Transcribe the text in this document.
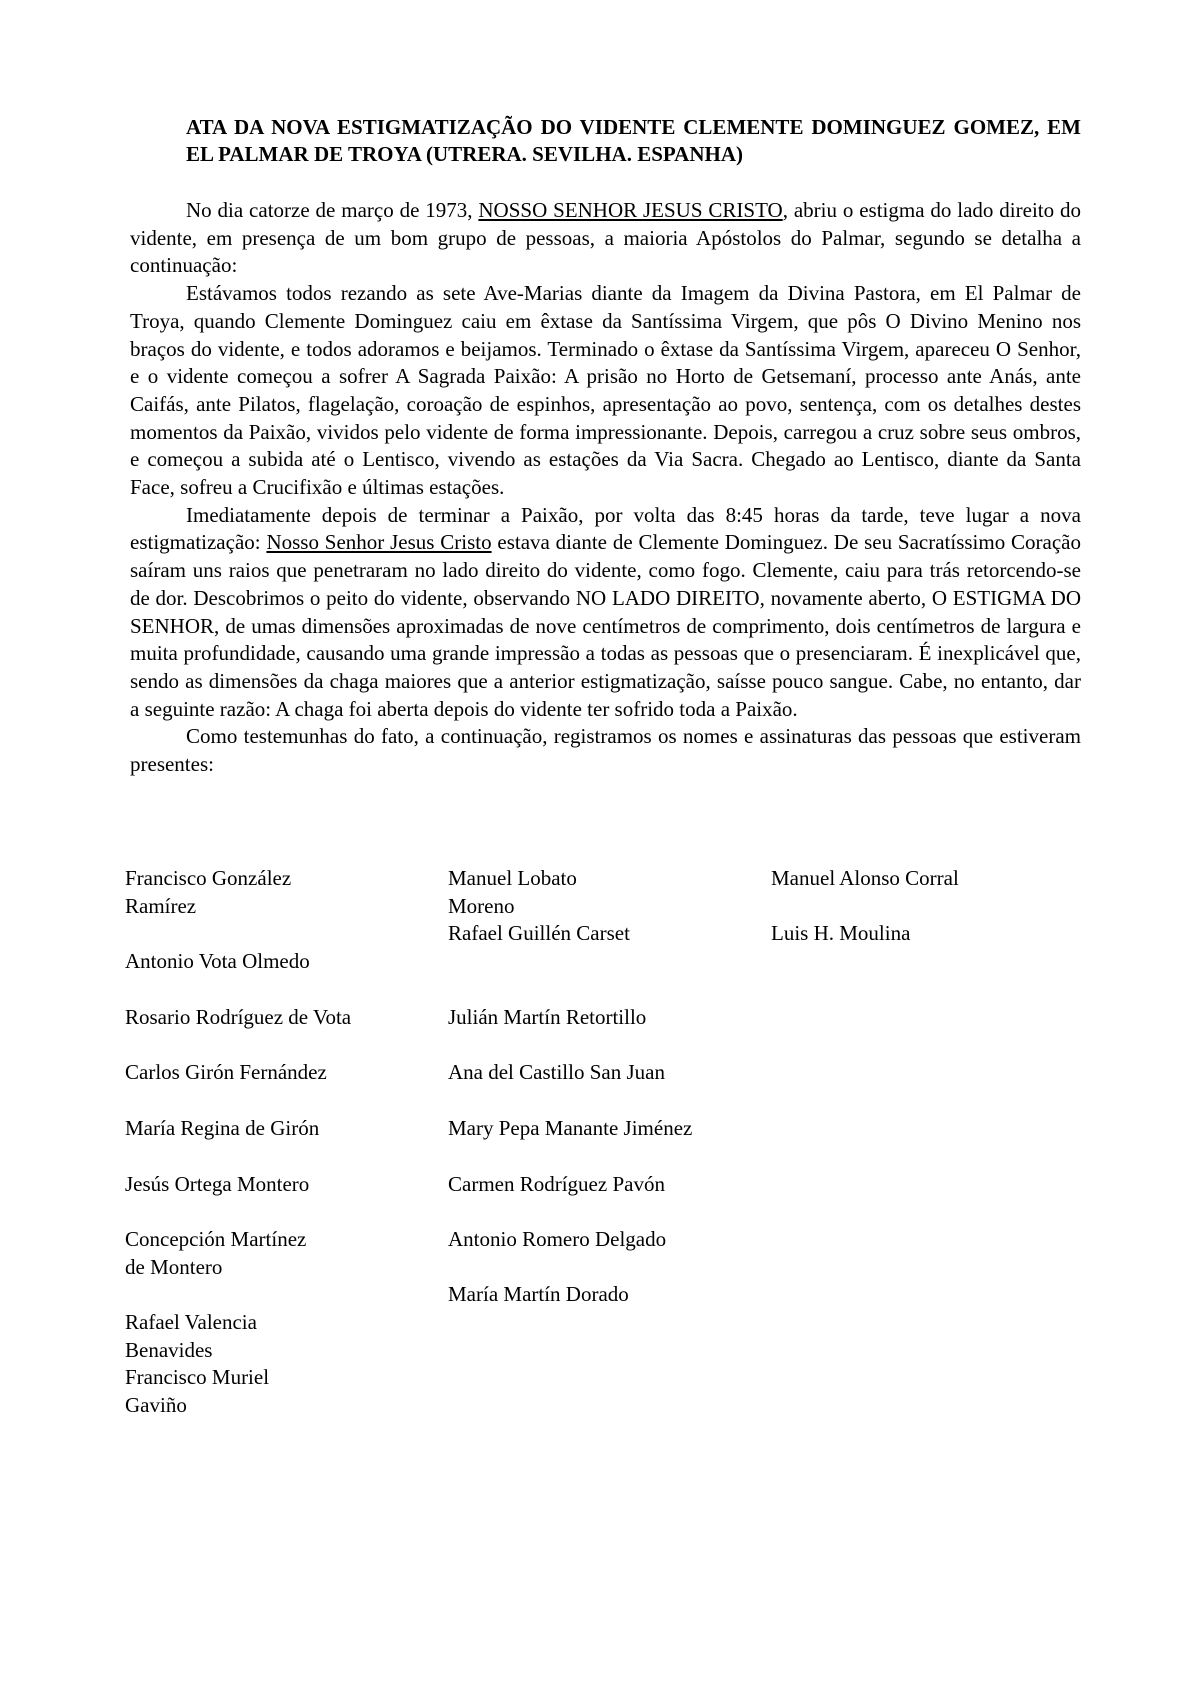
ATA DA NOVA ESTIGMATIZAÇÃO DO VIDENTE CLEMENTE DOMINGUEZ GOMEZ, EM EL PALMAR DE TROYA (UTRERA. SEVILHA. ESPANHA)

No dia catorze de março de 1973, NOSSO SENHOR JESUS CRISTO, abriu o estigma do lado direito do vidente, em presença de um bom grupo de pessoas, a maioria Apóstolos do Palmar, segundo se detalha a continuação:

Estávamos todos rezando as sete Ave-Marias diante da Imagem da Divina Pastora, em El Palmar de Troya, quando Clemente Dominguez caiu em êxtase da Santíssima Virgem, que pôs O Divino Menino nos braços do vidente, e todos adoramos e beijamos. Terminado o êxtase da Santíssima Virgem, apareceu O Senhor, e o vidente começou a sofrer A Sagrada Paixão: A prisão no Horto de Getsemaní, processo ante Anás, ante Caifás, ante Pilatos, flagelação, coroação de espinhos, apresentação ao povo, sentença, com os detalhes destes momentos da Paixão, vividos pelo vidente de forma impressionante. Depois, carregou a cruz sobre seus ombros, e começou a subida até o Lentisco, vivendo as estações da Via Sacra. Chegado ao Lentisco, diante da Santa Face, sofreu a Crucifixão e últimas estações.

Imediatamente depois de terminar a Paixão, por volta das 8:45 horas da tarde, teve lugar a nova estigmatização: Nosso Senhor Jesus Cristo estava diante de Clemente Dominguez. De seu Sacratíssimo Coração saíram uns raios que penetraram no lado direito do vidente, como fogo. Clemente, caiu para trás retorcendo-se de dor. Descobrimos o peito do vidente, observando NO LADO DIREITO, novamente aberto, O ESTIGMA DO SENHOR, de umas dimensões aproximadas de nove centímetros de comprimento, dois centímetros de largura e muita profundidade, causando uma grande impressão a todas as pessoas que o presenciaram. É inexplicável que, sendo as dimensões da chaga maiores que a anterior estigmatização, saísse pouco sangue. Cabe, no entanto, dar a seguinte razão: A chaga foi aberta depois do vidente ter sofrido toda a Paixão.

Como testemunhas do fato, a continuação, registramos os nomes e assinaturas das pessoas que estiveram presentes:

Francisco González
Ramírez
Antonio Vota Olmedo
Rosario Rodríguez de Vota
Carlos Girón Fernández
María Regina de Girón
Jesús Ortega Montero
Concepción Martínez
de Montero
Rafael Valencia
Benavides
Francisco Muriel
Gaviño
Manuel Lobato
Moreno
Rafael Guillén Carset
Julián Martín Retortillo
Ana del Castillo San Juan
Mary Pepa Manante Jiménez
Carmen Rodríguez Pavón
Antonio Romero Delgado
María Martín Dorado
Manuel Alonso Corral
Luis H. Moulina
